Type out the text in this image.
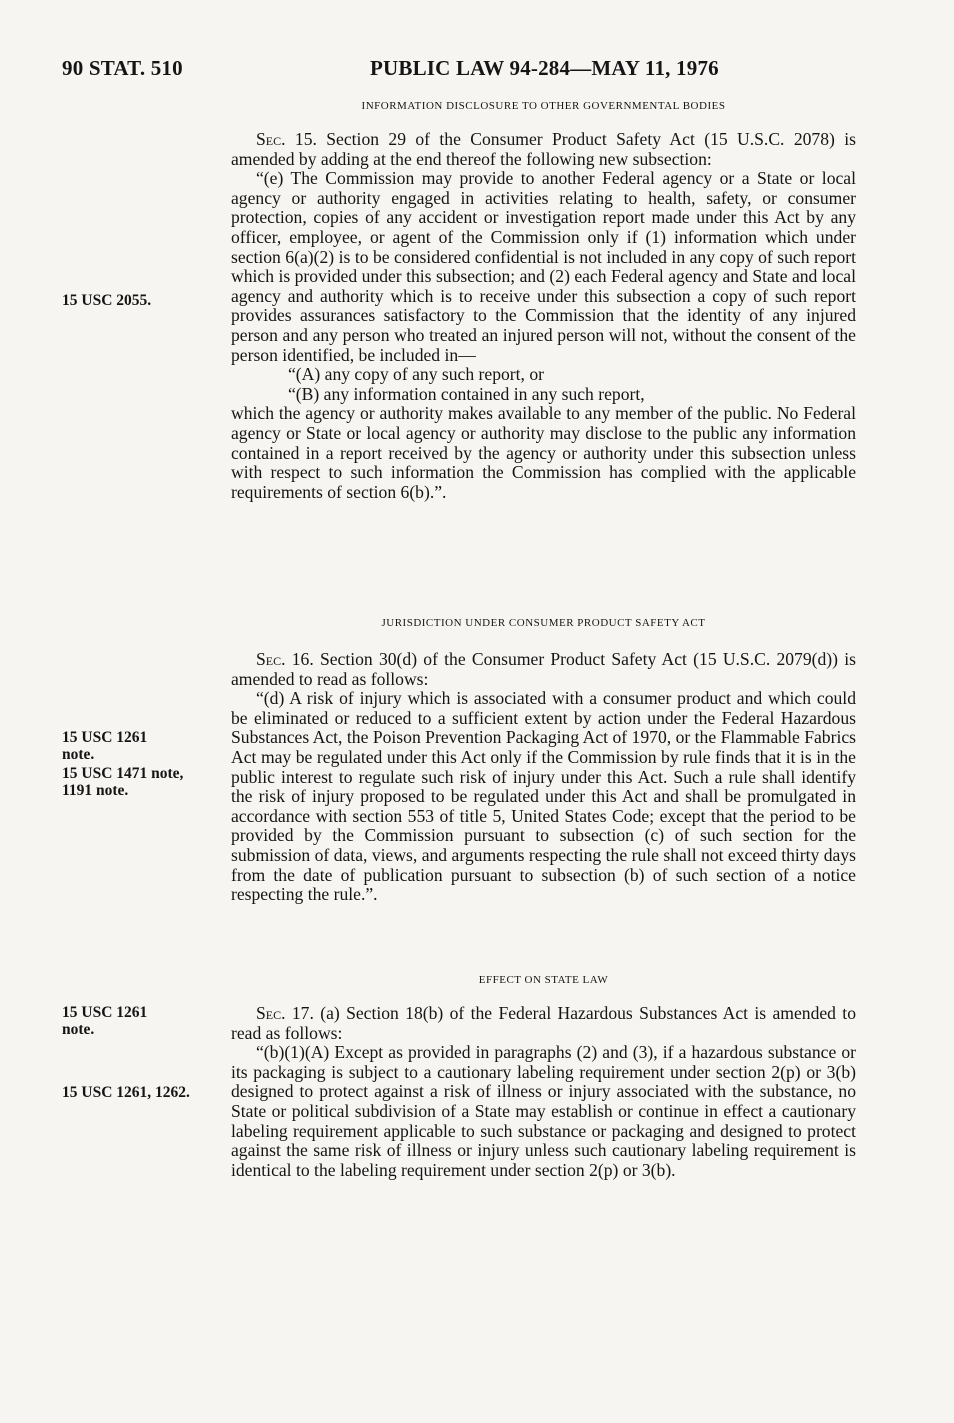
90 STAT. 510	PUBLIC LAW 94-284—MAY 11, 1976
15 USC 2055.
15 USC 1261 note.
15 USC 1471 note, 1191 note.
15 USC 1261 note.
15 USC 1261, 1262.
INFORMATION DISCLOSURE TO OTHER GOVERNMENTAL BODIES

Sec. 15. Section 29 of the Consumer Product Safety Act (15 U.S.C. 2078) is amended by adding at the end thereof the following new subsection:

“(e) The Commission may provide to another Federal agency or a State or local agency or authority engaged in activities relating to health, safety, or consumer protection, copies of any accident or investigation report made under this Act by any officer, employee, or agent of the Commission only if (1) information which under section 6(a)(2) is to be considered confidential is not included in any copy of such report which is provided under this subsection; and (2) each Federal agency and State and local agency and authority which is to receive under this subsection a copy of such report provides assurances satisfactory to the Commission that the identity of any injured person and any person who treated an injured person will not, without the consent of the person identified, be included in—

“(A) any copy of any such report, or

“(B) any information contained in any such report,

which the agency or authority makes available to any member of the public. No Federal agency or State or local agency or authority may disclose to the public any information contained in a report received by the agency or authority under this subsection unless with respect to such information the Commission has complied with the applicable requirements of section 6(b).”.

JURISDICTION UNDER CONSUMER PRODUCT SAFETY ACT

Sec. 16. Section 30(d) of the Consumer Product Safety Act (15 U.S.C. 2079(d)) is amended to read as follows:

“(d) A risk of injury which is associated with a consumer product and which could be eliminated or reduced to a sufficient extent by action under the Federal Hazardous Substances Act, the Poison Prevention Packaging Act of 1970, or the Flammable Fabrics Act may be regulated under this Act only if the Commission by rule finds that it is in the public interest to regulate such risk of injury under this Act. Such a rule shall identify the risk of injury proposed to be regulated under this Act and shall be promulgated in accordance with section 553 of title 5, United States Code; except that the period to be provided by the Commission pursuant to subsection (c) of such section for the submission of data, views, and arguments respecting the rule shall not exceed thirty days from the date of publication pursuant to subsection (b) of such section of a notice respecting the rule.”.

EFFECT ON STATE LAW

Sec. 17. (a) Section 18(b) of the Federal Hazardous Substances Act is amended to read as follows:

“(b)(1)(A) Except as provided in paragraphs (2) and (3), if a hazardous substance or its packaging is subject to a cautionary labeling requirement under section 2(p) or 3(b) designed to protect against a risk of illness or injury associated with the substance, no State or political subdivision of a State may establish or continue in effect a cautionary labeling requirement applicable to such substance or packaging and designed to protect against the same risk of illness or injury unless such cautionary labeling requirement is identical to the labeling requirement under section 2(p) or 3(b).
